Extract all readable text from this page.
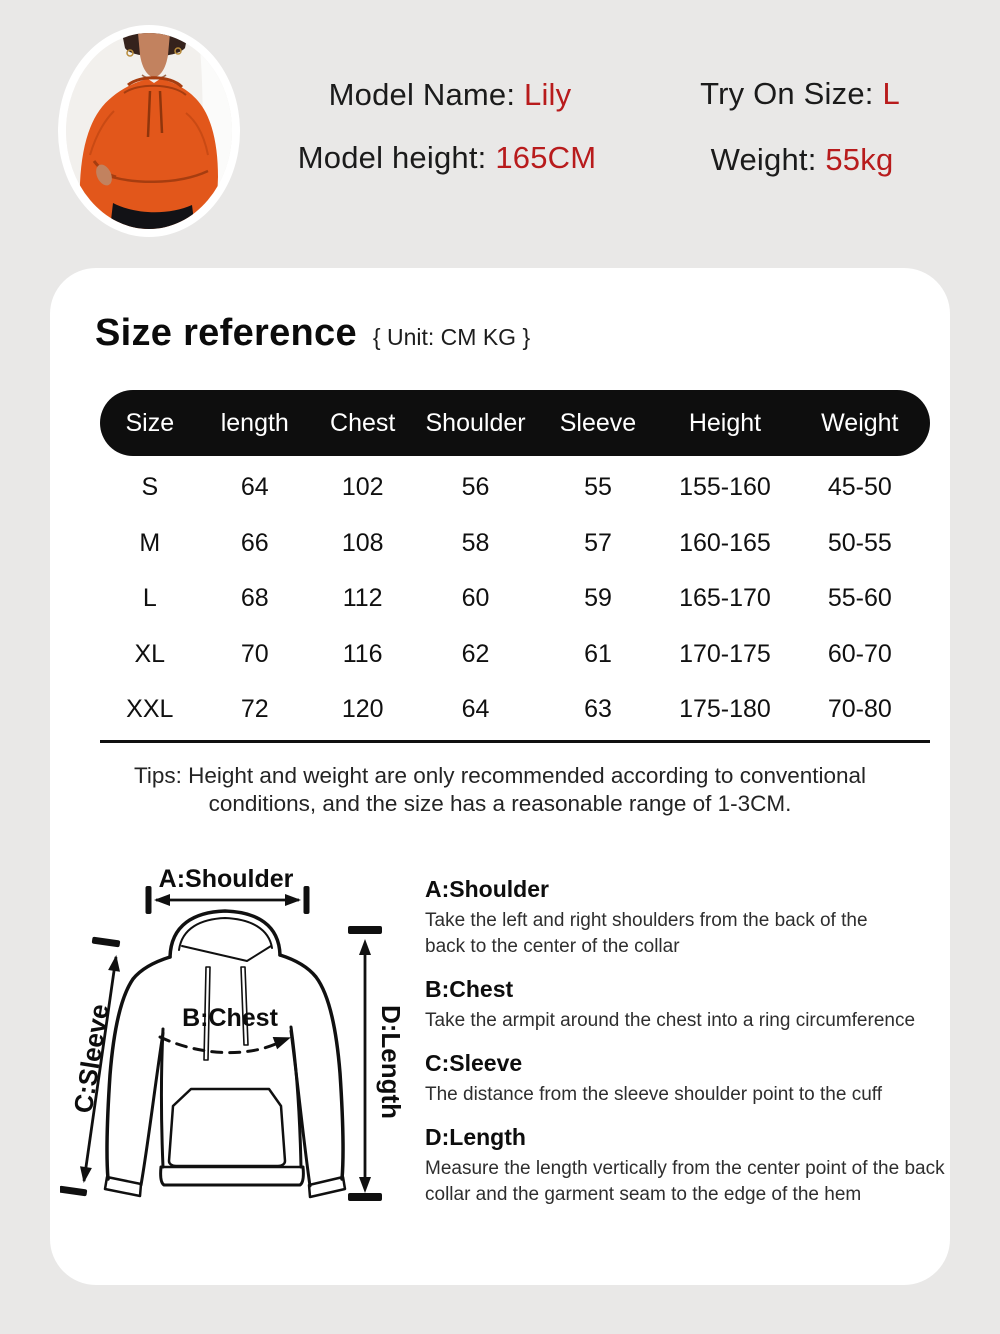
Model Name: Lily	Try On Size: L
Model height: 165CM	Weight: 55kg
Size reference { Unit: CM KG }
Size	length	Chest	Shoulder	Sleeve	Height	Weight
S	64	102	56	55	155-160	45-50
M	66	108	58	57	160-165	50-55
L	68	112	60	59	165-170	55-60
XL	70	116	62	61	170-175	60-70
XXL	72	120	64	63	175-180	70-80
Tips: Height and weight are only recommended according to conventional
conditions, and the size has a reasonable range of 1-3CM.
A:Shoulder
B:Chest
C:Sleeve	D:Length
A:Shoulder

Take the left and right shoulders from the back of the back to the center of the collar

B:Chest

Take the armpit around the chest into a ring circumference

C:Sleeve

The distance from the sleeve shoulder point to the cuff

D:Length

Measure the length vertically from the center point of the back collar and the garment seam to the edge of the hem
